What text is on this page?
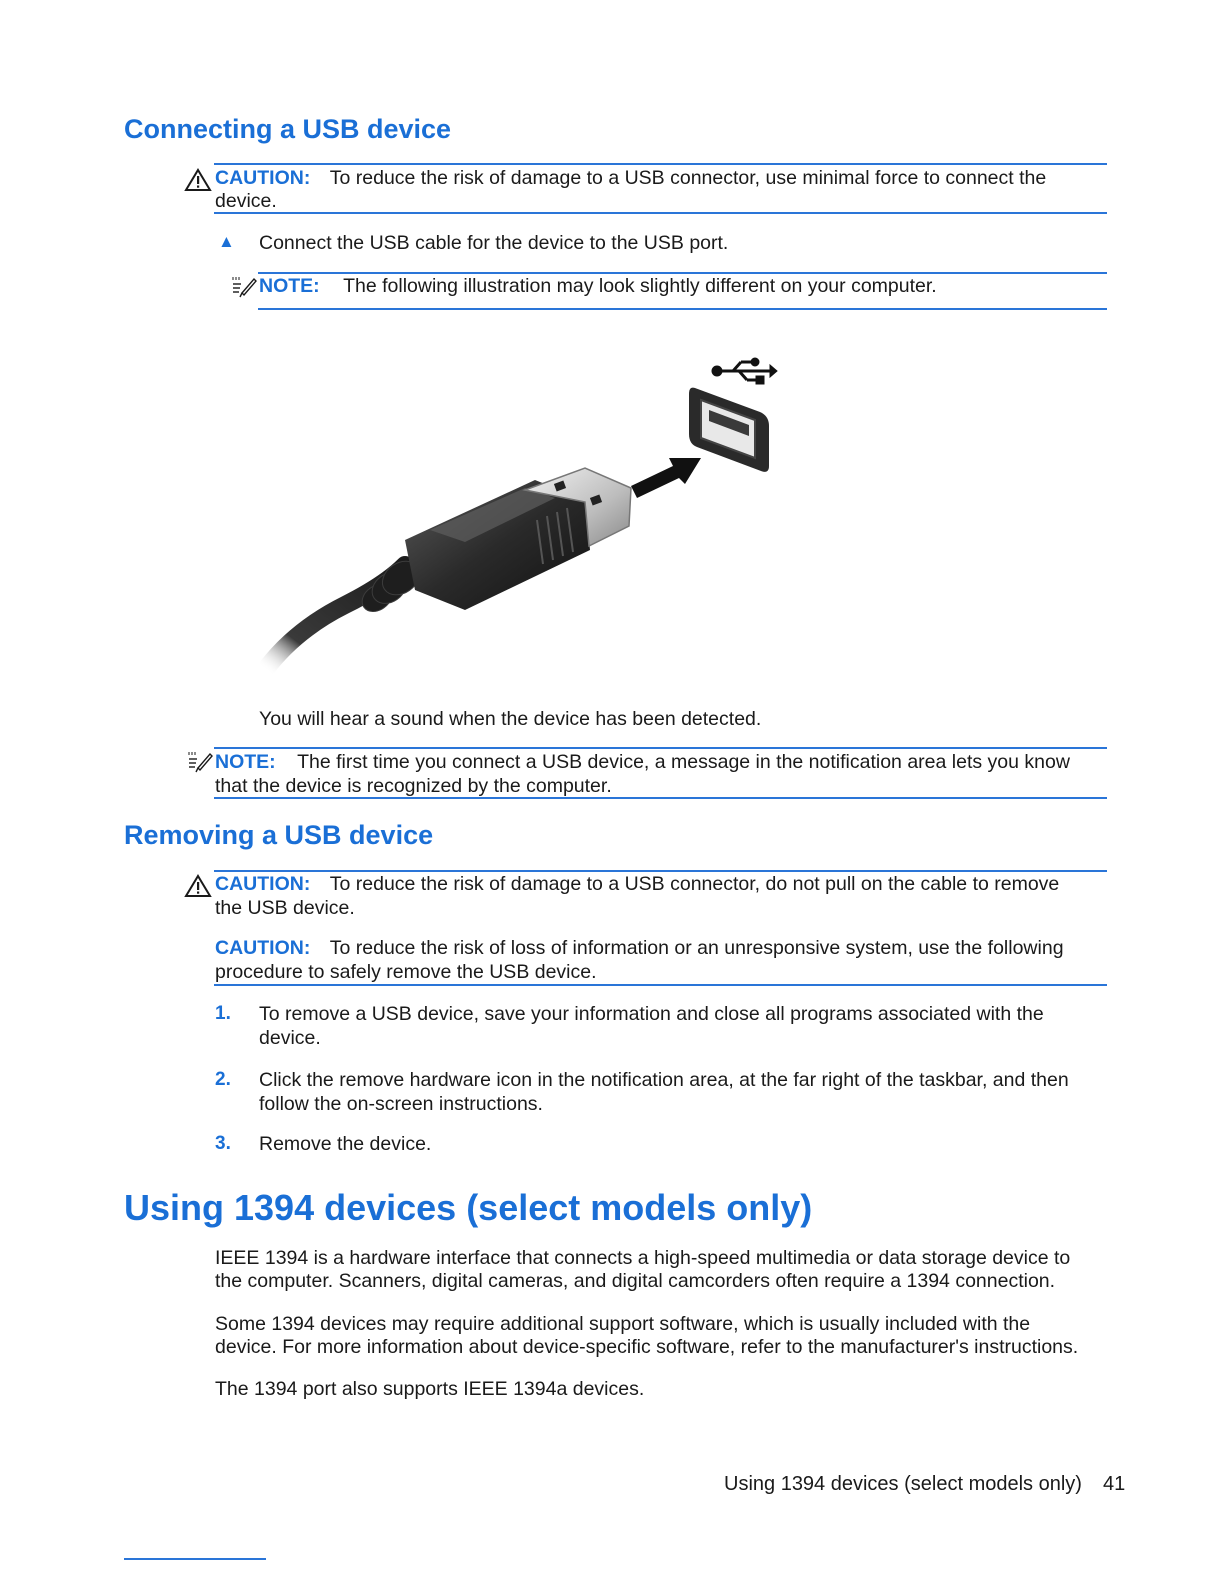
Connecting a USB device
CAUTION: To reduce the risk of damage to a USB connector, use minimal force to connect the
device.
▲ Connect the USB cable for the device to the USB port.
NOTE: The following illustration may look slightly different on your computer.
You will hear a sound when the device has been detected.
NOTE: The first time you connect a USB device, a message in the notification area lets you know
that the device is recognized by the computer.
Removing a USB device
CAUTION: To reduce the risk of damage to a USB connector, do not pull on the cable to remove
the USB device.
CAUTION: To reduce the risk of loss of information or an unresponsive system, use the following
procedure to safely remove the USB device.
1. To remove a USB device, save your information and close all programs associated with the
device.
2. Click the remove hardware icon in the notification area, at the far right of the taskbar, and then
follow the on-screen instructions.
3. Remove the device.
Using 1394 devices (select models only)
IEEE 1394 is a hardware interface that connects a high-speed multimedia or data storage device to
the computer. Scanners, digital cameras, and digital camcorders often require a 1394 connection.
Some 1394 devices may require additional support software, which is usually included with the
device. For more information about device-specific software, refer to the manufacturer's instructions.
The 1394 port also supports IEEE 1394a devices.
Using 1394 devices (select models only) 41
